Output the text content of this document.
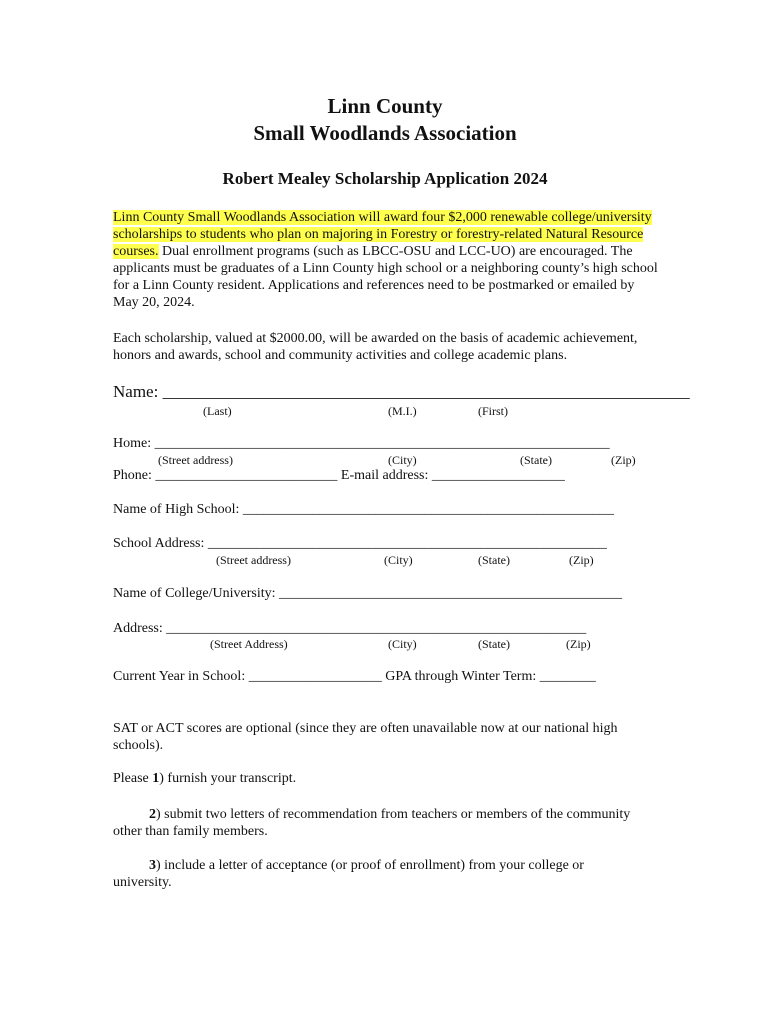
Linn County
Small Woodlands Association
Robert Mealey Scholarship Application 2024
Linn County Small Woodlands Association will award four $2,000 renewable college/university scholarships to students who plan on majoring in Forestry or forestry-related Natural Resource courses. Dual enrollment programs (such as LBCC-OSU and LCC-UO) are encouraged. The applicants must be graduates of a Linn County high school or a neighboring county’s high school for a Linn County resident. Applications and references need to be postmarked or emailed by May 20, 2024.
Each scholarship, valued at $2000.00, will be awarded on the basis of academic achievement, honors and awards, school and community activities and college academic plans.
Name: ______________________________________________________________
(Last)	(M.I.)	(First)
Home: _________________________________________________________________
(Street address)	(City)	(State)	(Zip)
Phone: __________________________ E-mail address: ___________________
Name of High School: _____________________________________________________
School Address: _________________________________________________________
(Street address)	(City)	(State)	(Zip)
Name of College/University: _________________________________________________
Address: ____________________________________________________________
(Street Address)	(City)	(State)	(Zip)
Current Year in School: ___________________ GPA through Winter Term: ________
SAT or ACT scores are optional (since they are often unavailable now at our national high schools).
Please 1) furnish your transcript.
2) submit two letters of recommendation from teachers or members of the community other than family members.
3) include a letter of acceptance (or proof of enrollment) from your college or university.
